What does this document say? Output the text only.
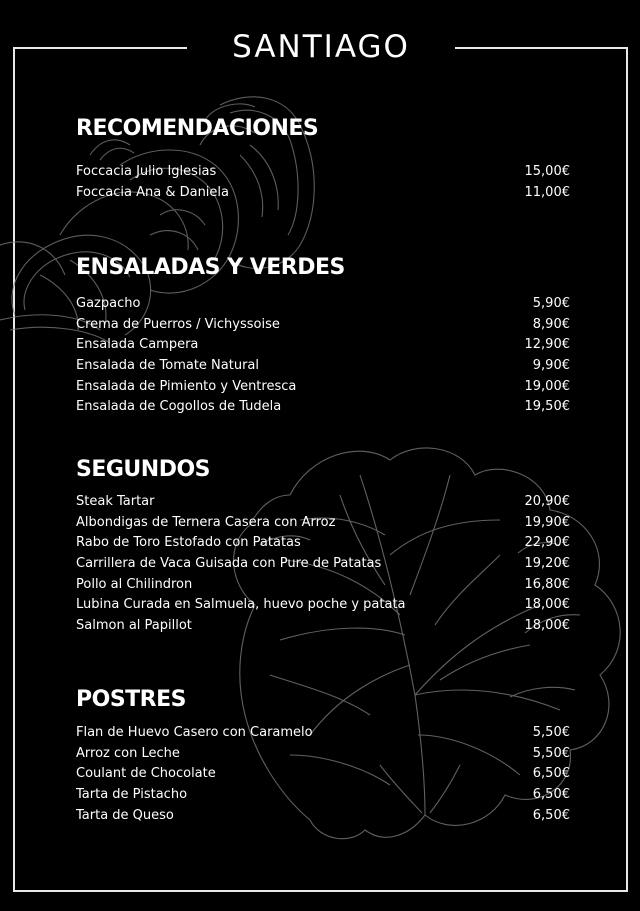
SANTIAGO
RECOMENDACIONES
Foccacia Julio Iglesias	15,00€
Foccacia Ana & Daniela	11,00€
ENSALADAS Y VERDES
Gazpacho	5,90€
Crema de Puerros / Vichyssoise	8,90€
Ensalada Campera	12,90€
Ensalada de Tomate Natural	9,90€
Ensalada de Pimiento y Ventresca	19,00€
Ensalada de Cogollos de Tudela	19,50€
SEGUNDOS
Steak Tartar	20,90€
Albondigas de Ternera Casera con Arroz	19,90€
Rabo de Toro Estofado con Patatas	22,90€
Carrillera de Vaca Guisada con Pure de Patatas	19,20€
Pollo al Chilindron	16,80€
Lubina Curada en Salmuela, huevo poche y patata	18,00€
Salmon al Papillot	18,00€
POSTRES
Flan de Huevo Casero con Caramelo	5,50€
Arroz con Leche	5,50€
Coulant de Chocolate	6,50€
Tarta de Pistacho	6,50€
Tarta de Queso	6,50€
